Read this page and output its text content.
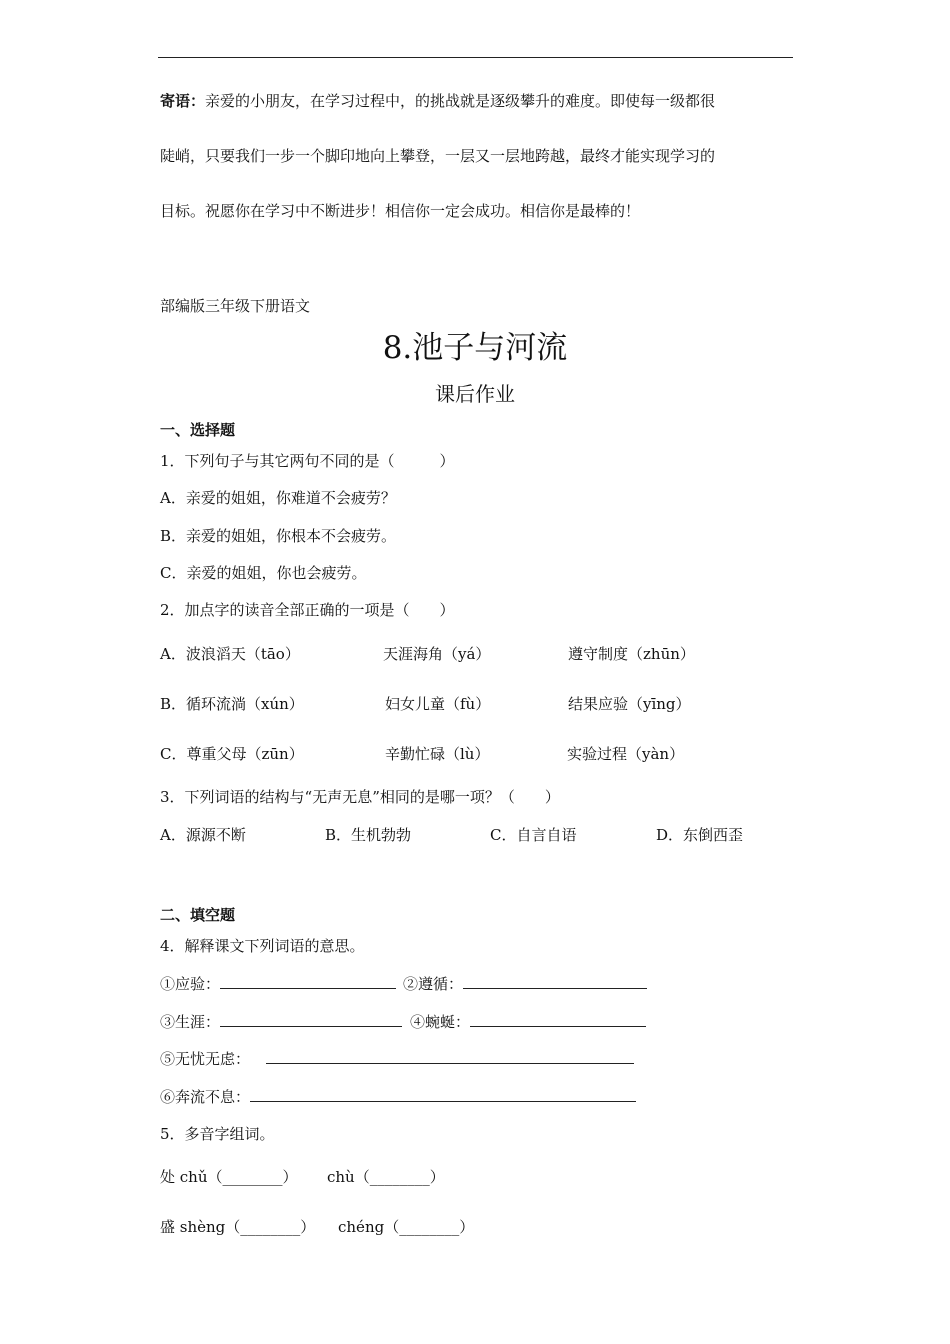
寄语：亲爱的小朋友，在学习过程中，的挑战就是逐级攀升的难度。即使每一级都很
陡峭，只要我们一步一个脚印地向上攀登，一层又一层地跨越，最终才能实现学习的
目标。祝愿你在学习中不断进步！相信你一定会成功。相信你是最棒的！
部编版三年级下册语文
8.池子与河流
课后作业
一、选择题
1．下列句子与其它两句不同的是（　　　）
A．亲爱的姐姐，你难道不会疲劳？
B．亲爱的姐姐，你根本不会疲劳。
C．亲爱的姐姐，你也会疲劳。
2．加点字的读音全部正确的一项是（　　）
A．波浪滔天（tāo）	天涯海角（yá）	遵守制度（zhūn）
B．循环流淌（xún）	妇女儿童（fù）	结果应验（yīng）
C．尊重父母（zūn）	辛勤忙碌（lù）	实验过程（yàn）
3．下列词语的结构与“无声无息”相同的是哪一项？（　　）
A．源源不断	B．生机勃勃	C．自言自语	D．东倒西歪
二、填空题
4．解释课文下列词语的意思。
①应验：	②遵循：
③生涯：	④蜿蜒：
⑤无忧无虑：
⑥奔流不息：
5．多音字组词。
处 chǔ（________） chù（________）
盛 shèng（________） chéng（________）
